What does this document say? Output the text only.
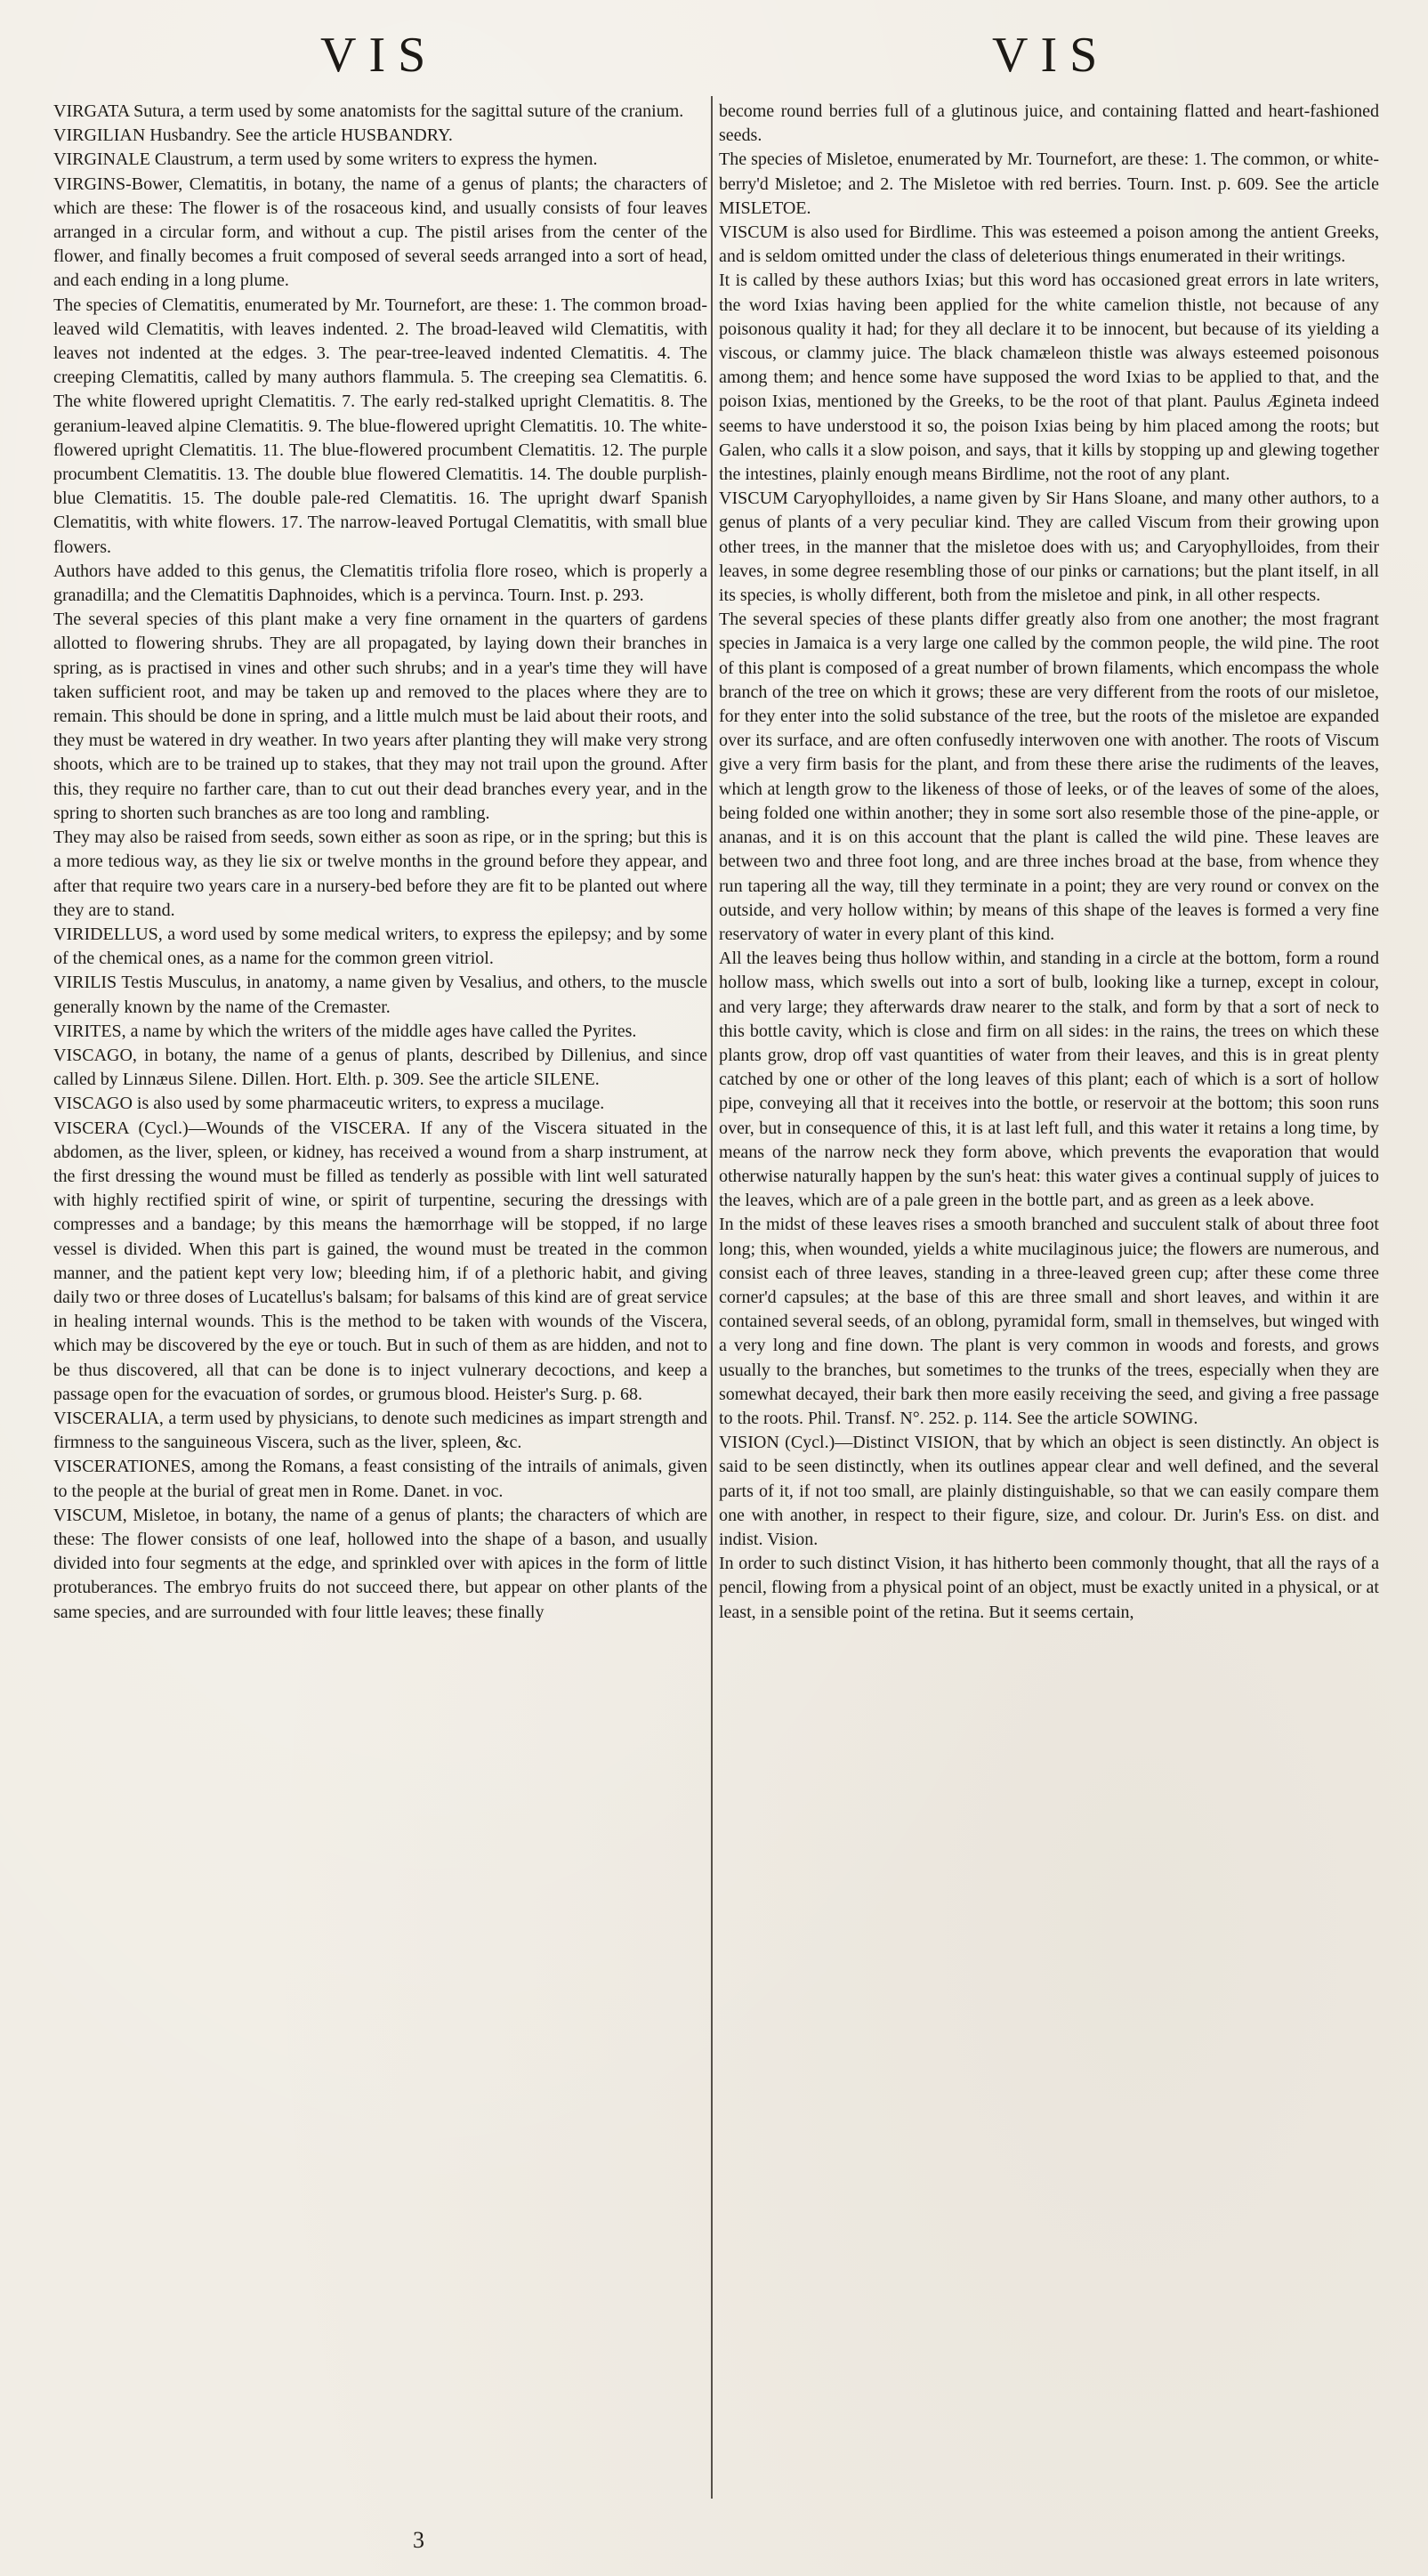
VIS	VIS

VIRGATA Sutura, a term used by some anatomists for the sagittal suture of the cranium.

VIRGILIAN Husbandry. See the article HUSBANDRY.

VIRGINALE Claustrum, a term used by some writers to express the hymen.

VIRGINS-Bower, Clematitis, in botany, the name of a genus of plants; the characters of which are these: The flower is of the rosaceous kind, and usually consists of four leaves arranged in a circular form, and without a cup. The pistil arises from the center of the flower, and finally becomes a fruit composed of several seeds arranged into a sort of head, and each ending in a long plume.

The species of Clematitis, enumerated by Mr. Tournefort, are these: 1. The common broad-leaved wild Clematitis, with leaves indented. 2. The broad-leaved wild Clematitis, with leaves not indented at the edges. 3. The pear-tree-leaved indented Clematitis. 4. The creeping Clematitis, called by many authors flammula. 5. The creeping sea Clematitis. 6. The white flowered upright Clematitis. 7. The early red-stalked upright Clematitis. 8. The geranium-leaved alpine Clematitis. 9. The blue-flowered upright Clematitis. 10. The white-flowered upright Clematitis. 11. The blue-flowered procumbent Clematitis. 12. The purple procumbent Clematitis. 13. The double blue flowered Clematitis. 14. The double purplish-blue Clematitis. 15. The double pale-red Clematitis. 16. The upright dwarf Spanish Clematitis, with white flowers. 17. The narrow-leaved Portugal Clematitis, with small blue flowers.

Authors have added to this genus, the Clematitis trifolia flore roseo, which is properly a granadilla; and the Clematitis Daphnoides, which is a pervinca. Tourn. Inst. p. 293.

The several species of this plant make a very fine ornament in the quarters of gardens allotted to flowering shrubs. They are all propagated, by laying down their branches in spring, as is practised in vines and other such shrubs; and in a year's time they will have taken sufficient root, and may be taken up and removed to the places where they are to remain. This should be done in spring, and a little mulch must be laid about their roots, and they must be watered in dry weather. In two years after planting they will make very strong shoots, which are to be trained up to stakes, that they may not trail upon the ground. After this, they require no farther care, than to cut out their dead branches every year, and in the spring to shorten such branches as are too long and rambling.

They may also be raised from seeds, sown either as soon as ripe, or in the spring; but this is a more tedious way, as they lie six or twelve months in the ground before they appear, and after that require two years care in a nursery-bed before they are fit to be planted out where they are to stand.

VIRIDELLUS, a word used by some medical writers, to express the epilepsy; and by some of the chemical ones, as a name for the common green vitriol.

VIRILIS Testis Musculus, in anatomy, a name given by Vesalius, and others, to the muscle generally known by the name of the Cremaster.

VIRITES, a name by which the writers of the middle ages have called the Pyrites.

VISCAGO, in botany, the name of a genus of plants, described by Dillenius, and since called by Linnæus Silene. Dillen. Hort. Elth. p. 309. See the article SILENE.

VISCAGO is also used by some pharmaceutic writers, to express a mucilage.

VISCERA (Cycl.)—Wounds of the VISCERA. If any of the Viscera situated in the abdomen, as the liver, spleen, or kidney, has received a wound from a sharp instrument, at the first dressing the wound must be filled as tenderly as possible with lint well saturated with highly rectified spirit of wine, or spirit of turpentine, securing the dressings with compresses and a bandage; by this means the hæmorrhage will be stopped, if no large vessel is divided. When this part is gained, the wound must be treated in the common manner, and the patient kept very low; bleeding him, if of a plethoric habit, and giving daily two or three doses of Lucatellus's balsam; for balsams of this kind are of great service in healing internal wounds. This is the method to be taken with wounds of the Viscera, which may be discovered by the eye or touch. But in such of them as are hidden, and not to be thus discovered, all that can be done is to inject vulnerary decoctions, and keep a passage open for the evacuation of sordes, or grumous blood. Heister's Surg. p. 68.

VISCERALIA, a term used by physicians, to denote such medicines as impart strength and firmness to the sanguineous Viscera, such as the liver, spleen, &c.

VISCERATIONES, among the Romans, a feast consisting of the intrails of animals, given to the people at the burial of great men in Rome. Danet. in voc.

VISCUM, Misletoe, in botany, the name of a genus of plants; the characters of which are these: The flower consists of one leaf, hollowed into the shape of a bason, and usually divided into four segments at the edge, and sprinkled over with apices in the form of little protuberances. The embryo fruits do not succeed there, but appear on other plants of the same species, and are surrounded with four little leaves; these finally

become round berries full of a glutinous juice, and containing flatted and heart-fashioned seeds.

The species of Misletoe, enumerated by Mr. Tournefort, are these: 1. The common, or white-berry'd Misletoe; and 2. The Misletoe with red berries. Tourn. Inst. p. 609. See the article MISLETOE.

VISCUM is also used for Birdlime. This was esteemed a poison among the antient Greeks, and is seldom omitted under the class of deleterious things enumerated in their writings.

It is called by these authors Ixias; but this word has occasioned great errors in late writers, the word Ixias having been applied for the white camelion thistle, not because of any poisonous quality it had; for they all declare it to be innocent, but because of its yielding a viscous, or clammy juice. The black chamæleon thistle was always esteemed poisonous among them; and hence some have supposed the word Ixias to be applied to that, and the poison Ixias, mentioned by the Greeks, to be the root of that plant. Paulus Ægineta indeed seems to have understood it so, the poison Ixias being by him placed among the roots; but Galen, who calls it a slow poison, and says, that it kills by stopping up and glewing together the intestines, plainly enough means Birdlime, not the root of any plant.

VISCUM Caryophylloides, a name given by Sir Hans Sloane, and many other authors, to a genus of plants of a very peculiar kind. They are called Viscum from their growing upon other trees, in the manner that the misletoe does with us; and Caryophylloides, from their leaves, in some degree resembling those of our pinks or carnations; but the plant itself, in all its species, is wholly different, both from the misletoe and pink, in all other respects.

The several species of these plants differ greatly also from one another; the most fragrant species in Jamaica is a very large one called by the common people, the wild pine. The root of this plant is composed of a great number of brown filaments, which encompass the whole branch of the tree on which it grows; these are very different from the roots of our misletoe, for they enter into the solid substance of the tree, but the roots of the misletoe are expanded over its surface, and are often confusedly interwoven one with another. The roots of Viscum give a very firm basis for the plant, and from these there arise the rudiments of the leaves, which at length grow to the likeness of those of leeks, or of the leaves of some of the aloes, being folded one within another; they in some sort also resemble those of the pine-apple, or ananas, and it is on this account that the plant is called the wild pine. These leaves are between two and three foot long, and are three inches broad at the base, from whence they run tapering all the way, till they terminate in a point; they are very round or convex on the outside, and very hollow within; by means of this shape of the leaves is formed a very fine reservatory of water in every plant of this kind.

All the leaves being thus hollow within, and standing in a circle at the bottom, form a round hollow mass, which swells out into a sort of bulb, looking like a turnep, except in colour, and very large; they afterwards draw nearer to the stalk, and form by that a sort of neck to this bottle cavity, which is close and firm on all sides: in the rains, the trees on which these plants grow, drop off vast quantities of water from their leaves, and this is in great plenty catched by one or other of the long leaves of this plant; each of which is a sort of hollow pipe, conveying all that it receives into the bottle, or reservoir at the bottom; this soon runs over, but in consequence of this, it is at last left full, and this water it retains a long time, by means of the narrow neck they form above, which prevents the evaporation that would otherwise naturally happen by the sun's heat: this water gives a continual supply of juices to the leaves, which are of a pale green in the bottle part, and as green as a leek above.

In the midst of these leaves rises a smooth branched and succulent stalk of about three foot long; this, when wounded, yields a white mucilaginous juice; the flowers are numerous, and consist each of three leaves, standing in a three-leaved green cup; after these come three corner'd capsules; at the base of this are three small and short leaves, and within it are contained several seeds, of an oblong, pyramidal form, small in themselves, but winged with a very long and fine down. The plant is very common in woods and forests, and grows usually to the branches, but sometimes to the trunks of the trees, especially when they are somewhat decayed, their bark then more easily receiving the seed, and giving a free passage to the roots. Phil. Transf. N°. 252. p. 114. See the article SOWING.

VISION (Cycl.)—Distinct VISION, that by which an object is seen distinctly. An object is said to be seen distinctly, when its outlines appear clear and well defined, and the several parts of it, if not too small, are plainly distinguishable, so that we can easily compare them one with another, in respect to their figure, size, and colour. Dr. Jurin's Ess. on dist. and indist. Vision.

In order to such distinct Vision, it has hitherto been commonly thought, that all the rays of a pencil, flowing from a physical point of an object, must be exactly united in a physical, or at least, in a sensible point of the retina. But it seems certain,

3
